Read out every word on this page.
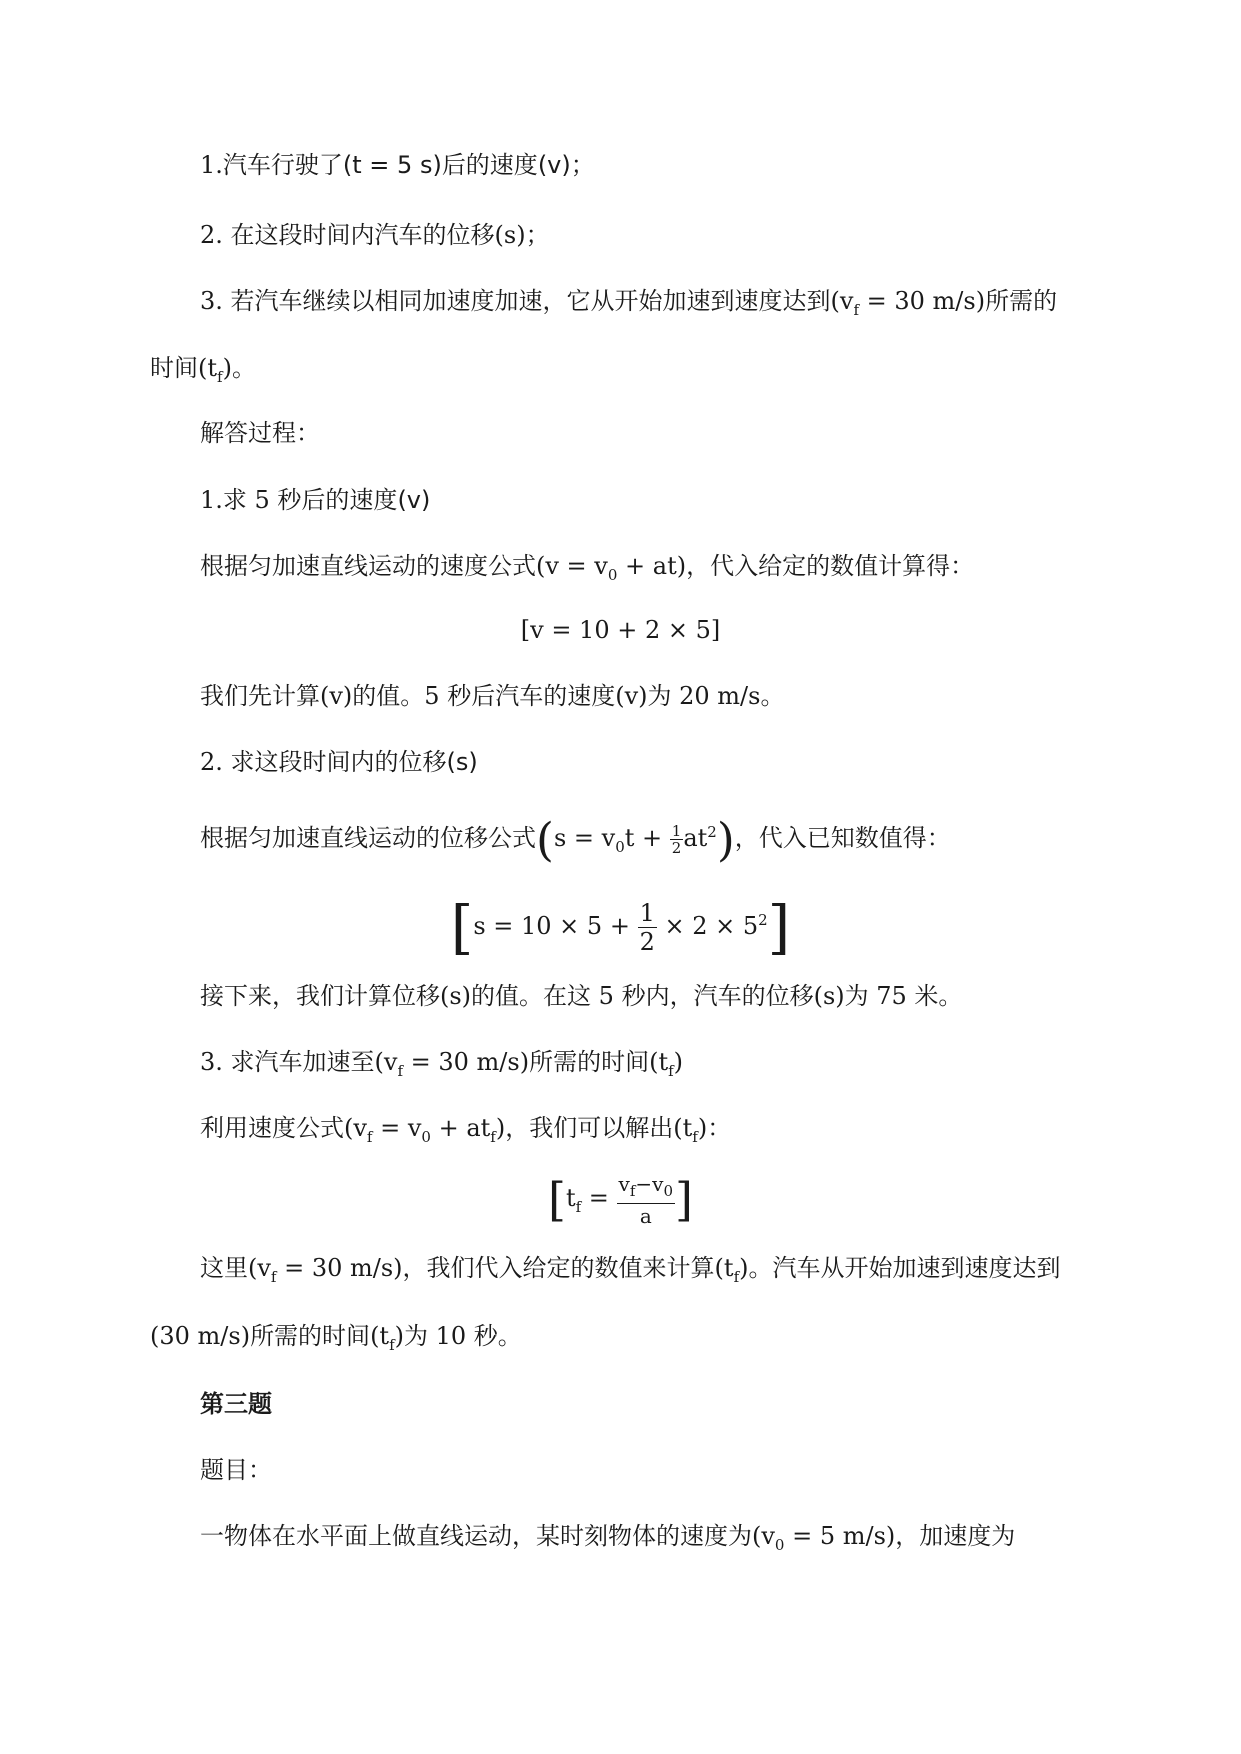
1.汽车行驶了(t = 5 s)后的速度(v)；
2. 在这段时间内汽车的位移(s)；
3. 若汽车继续以相同加速度加速，它从开始加速到速度达到($v_f = 30$ m/s)所需的
时间$(t_f)$。
解答过程：
1.求 5 秒后的速度(v)
根据匀加速直线运动的速度公式$(v = v_0 + at)$，代入给定的数值计算得：
[v = 10 + 2 × 5]
我们先计算(v)的值。5 秒后汽车的速度(v)为 20 m/s。
2. 求这段时间内的位移(s)
根据匀加速直线运动的位移公式$(s = v_0t + \frac{1}{2} at^2)$，代入已知数值得：
$[s = 10 \times 5 + \frac{1}{2} \times 2 \times 5^2]$
接下来，我们计算位移(s)的值。在这 5 秒内，汽车的位移(s)为 75 米。
3. 求汽车加速至($v_f = 30$ m/s)所需的时间$(t_f)$
利用速度公式$(v_f = v_0 + at_f)$，我们可以解出$(t_f)$：
[$t_f = \frac{v_f-v_0}{a}$ ]
这里($v_f = 30$ m/s)，我们代入给定的数值来计算$(t_f)$。汽车从开始加速到速度达到
(30 m/s)所需的时间$(t_f)$为 10 秒。
第三题
题目：
一物体在水平面上做直线运动，某时刻物体的速度为($v_0 = 5$ m/s)，加速度为
